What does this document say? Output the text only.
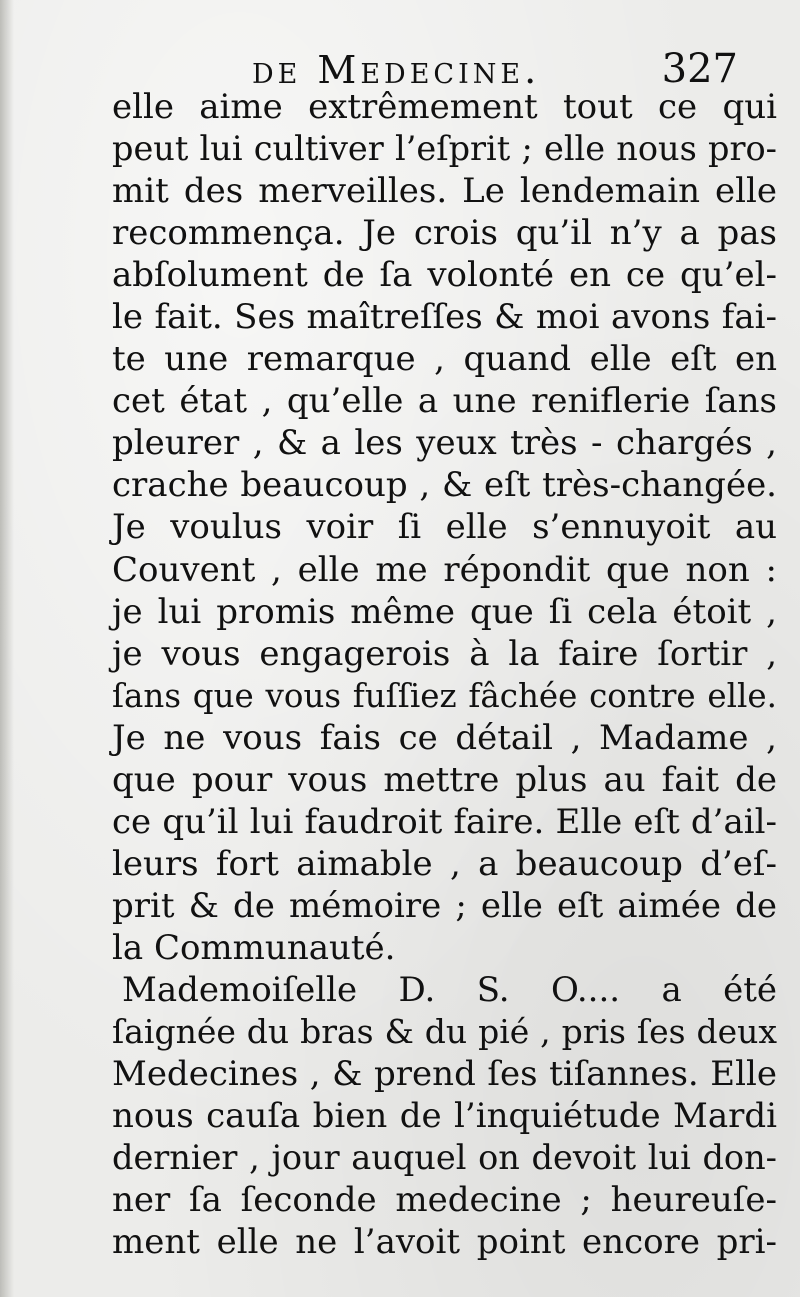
de Medecine.	327
elle aime extrêmement tout ce qui
peut lui cultiver l’eſprit ; elle nous pro-
mit des merveilles. Le lendemain elle
recommença. Je crois qu’il n’y a pas
abſolument de ſa volonté en ce qu’el-
le fait. Ses maîtreſſes & moi avons fai-
te une remarque , quand elle eſt en
cet état , qu’elle a une reniflerie ſans
pleurer , & a les yeux très - chargés ,
crache beaucoup , & eſt très-changée.
Je voulus voir ſi elle s’ennuyoit au
Couvent , elle me répondit que non :
je lui promis même que ſi cela étoit ,
je vous engagerois à la faire ſortir ,
ſans que vous fuſſiez fâchée contre elle.
Je ne vous fais ce détail , Madame ,
que pour vous mettre plus au fait de
ce qu’il lui faudroit faire. Elle eſt d’ail-
leurs fort aimable , a beaucoup d’eſ-
prit & de mémoire ; elle eſt aimée de
la Communauté.
Mademoiſelle D. S. O.... a été
ſaignée du bras & du pié , pris ſes deux
Medecines , & prend ſes tiſannes. Elle
nous cauſa bien de l’inquiétude Mardi
dernier , jour auquel on devoit lui don-
ner ſa ſeconde medecine ; heureuſe-
ment elle ne l’avoit point encore pri-
